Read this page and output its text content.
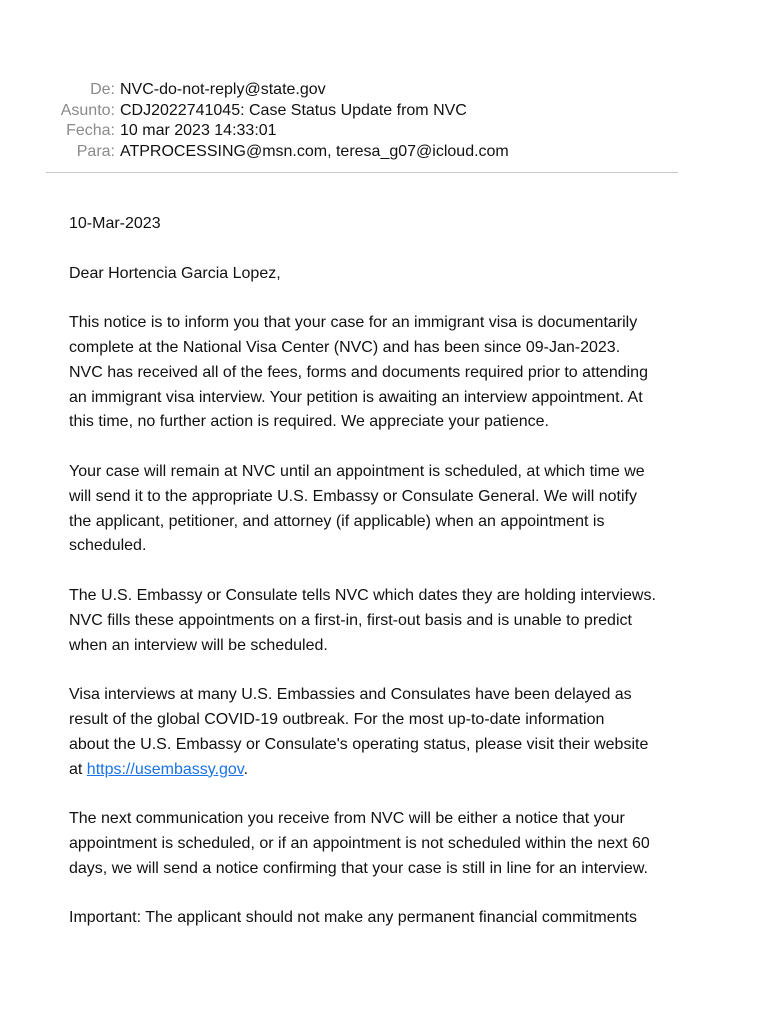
De: NVC-do-not-reply@state.gov
Asunto: CDJ2022741045: Case Status Update from NVC
Fecha: 10 mar 2023 14:33:01
Para: ATPROCESSING@msn.com, teresa_g07@icloud.com

10-Mar-2023

Dear Hortencia Garcia Lopez,

This notice is to inform you that your case for an immigrant visa is documentarily
complete at the National Visa Center (NVC) and has been since 09-Jan-2023.
NVC has received all of the fees, forms and documents required prior to attending
an immigrant visa interview. Your petition is awaiting an interview appointment. At
this time, no further action is required. We appreciate your patience.

Your case will remain at NVC until an appointment is scheduled, at which time we
will send it to the appropriate U.S. Embassy or Consulate General. We will notify
the applicant, petitioner, and attorney (if applicable) when an appointment is
scheduled.

The U.S. Embassy or Consulate tells NVC which dates they are holding interviews.
NVC fills these appointments on a first-in, first-out basis and is unable to predict
when an interview will be scheduled.

Visa interviews at many U.S. Embassies and Consulates have been delayed as
result of the global COVID-19 outbreak. For the most up-to-date information
about the U.S. Embassy or Consulate's operating status, please visit their website
at https://usembassy.gov.

The next communication you receive from NVC will be either a notice that your
appointment is scheduled, or if an appointment is not scheduled within the next 60
days, we will send a notice confirming that your case is still in line for an interview.

Important: The applicant should not make any permanent financial commitments
